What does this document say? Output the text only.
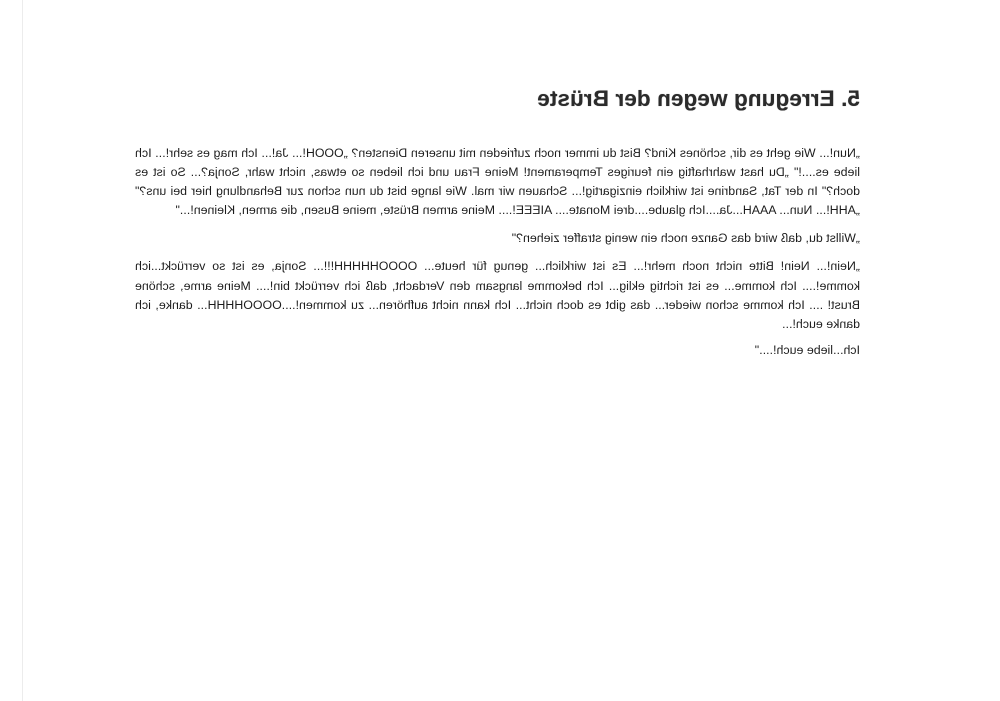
5. Erregung wegen der Brüste

„Nun!... Wie geht es dir, schönes Kind? Bist du immer noch zufrieden mit unseren Diensten? „OOOH!... Ja!... Ich mag es sehr!... Ich liebe es....!" „Du hast wahrhaftig ein feuriges Temperament! Meine Frau und ich lieben so etwas, nicht wahr, Sonja?... So ist es doch?" In der Tat, Sandrine ist wirklich einzigartig!... Schauen wir mal. Wie lange bist du nun schon zur Behandlung hier bei uns?" „AHH!... Nun... AAAH...Ja....Ich glaube....drei Monate.... AIEEE!.... Meine armen Brüste, meine Busen, die armen, Kleinen!..."

„Willst du, daß wird das Ganze noch ein wenig straffer ziehen?"

„Nein!... Nein! Bitte nicht noch mehr!... Es ist wirklich... genug für heute... OOOOHHHHH!!!... Sonja, es ist so verrückt...ich komme!.... Ich komme... es ist richtig eklig... Ich bekomme langsam den Verdacht, daß ich verrückt bin!.... Meine arme, schöne Brust! .... Ich komme schon wieder... das gibt es doch nicht... Ich kann nicht aufhören... zu kommen!....OOOOHHHH... danke, ich danke euch!...

Ich...liebe euch!...."
